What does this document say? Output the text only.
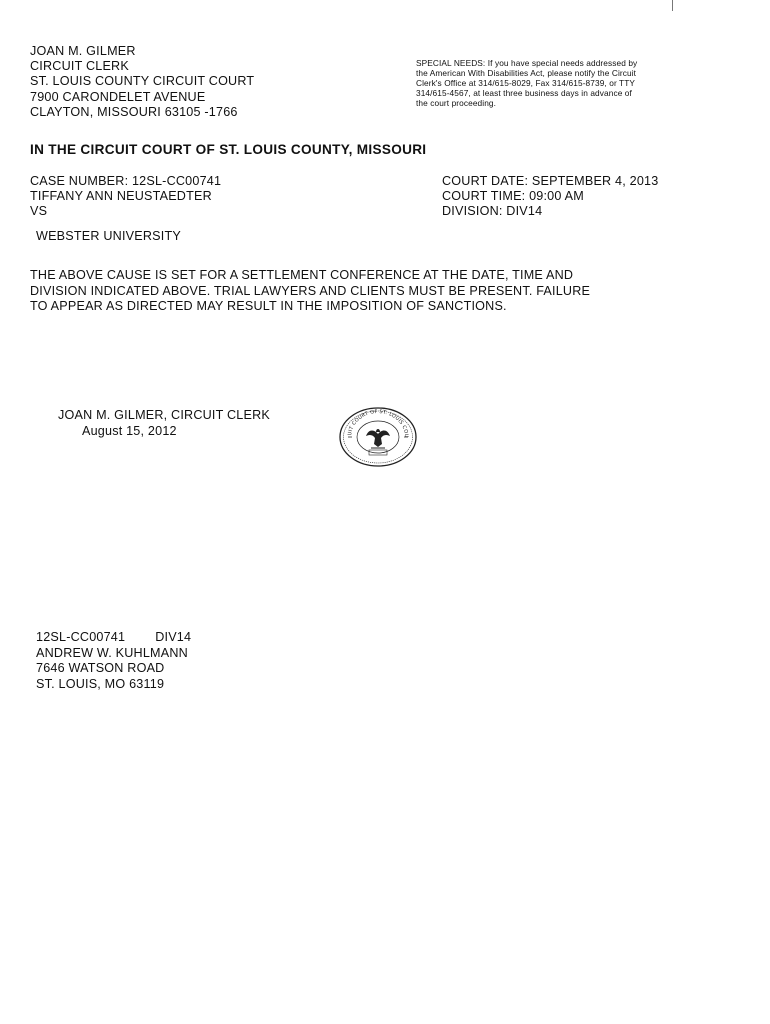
JOAN M. GILMER
CIRCUIT CLERK
ST. LOUIS COUNTY CIRCUIT COURT
7900 CARONDELET AVENUE
CLAYTON, MISSOURI 63105 -1766
SPECIAL NEEDS: If you have special needs addressed by
the American With Disabilities Act, please notify the Circuit
Clerk's Office at 314/615-8029, Fax 314/615-8739, or TTY
314/615-4567, at least three business days in advance of
the court proceeding.
IN THE CIRCUIT COURT OF ST. LOUIS COUNTY, MISSOURI
CASE NUMBER: 12SL-CC00741
TIFFANY ANN NEUSTAEDTER
VS
COURT DATE: SEPTEMBER 4, 2013
COURT TIME: 09:00 AM
DIVISION: DIV14
WEBSTER UNIVERSITY
THE ABOVE CAUSE IS SET FOR A SETTLEMENT CONFERENCE AT THE DATE, TIME AND
DIVISION INDICATED ABOVE. TRIAL LAWYERS AND CLIENTS MUST BE PRESENT. FAILURE
TO APPEAR AS DIRECTED MAY RESULT IN THE IMPOSITION OF SANCTIONS.
JOAN M. GILMER, CIRCUIT CLERK
August 15, 2012	UIT COURT OF ST. LOUIS COU
12SL-CC00741 DIV14
ANDREW W. KUHLMANN
7646 WATSON ROAD
ST. LOUIS, MO 63119
